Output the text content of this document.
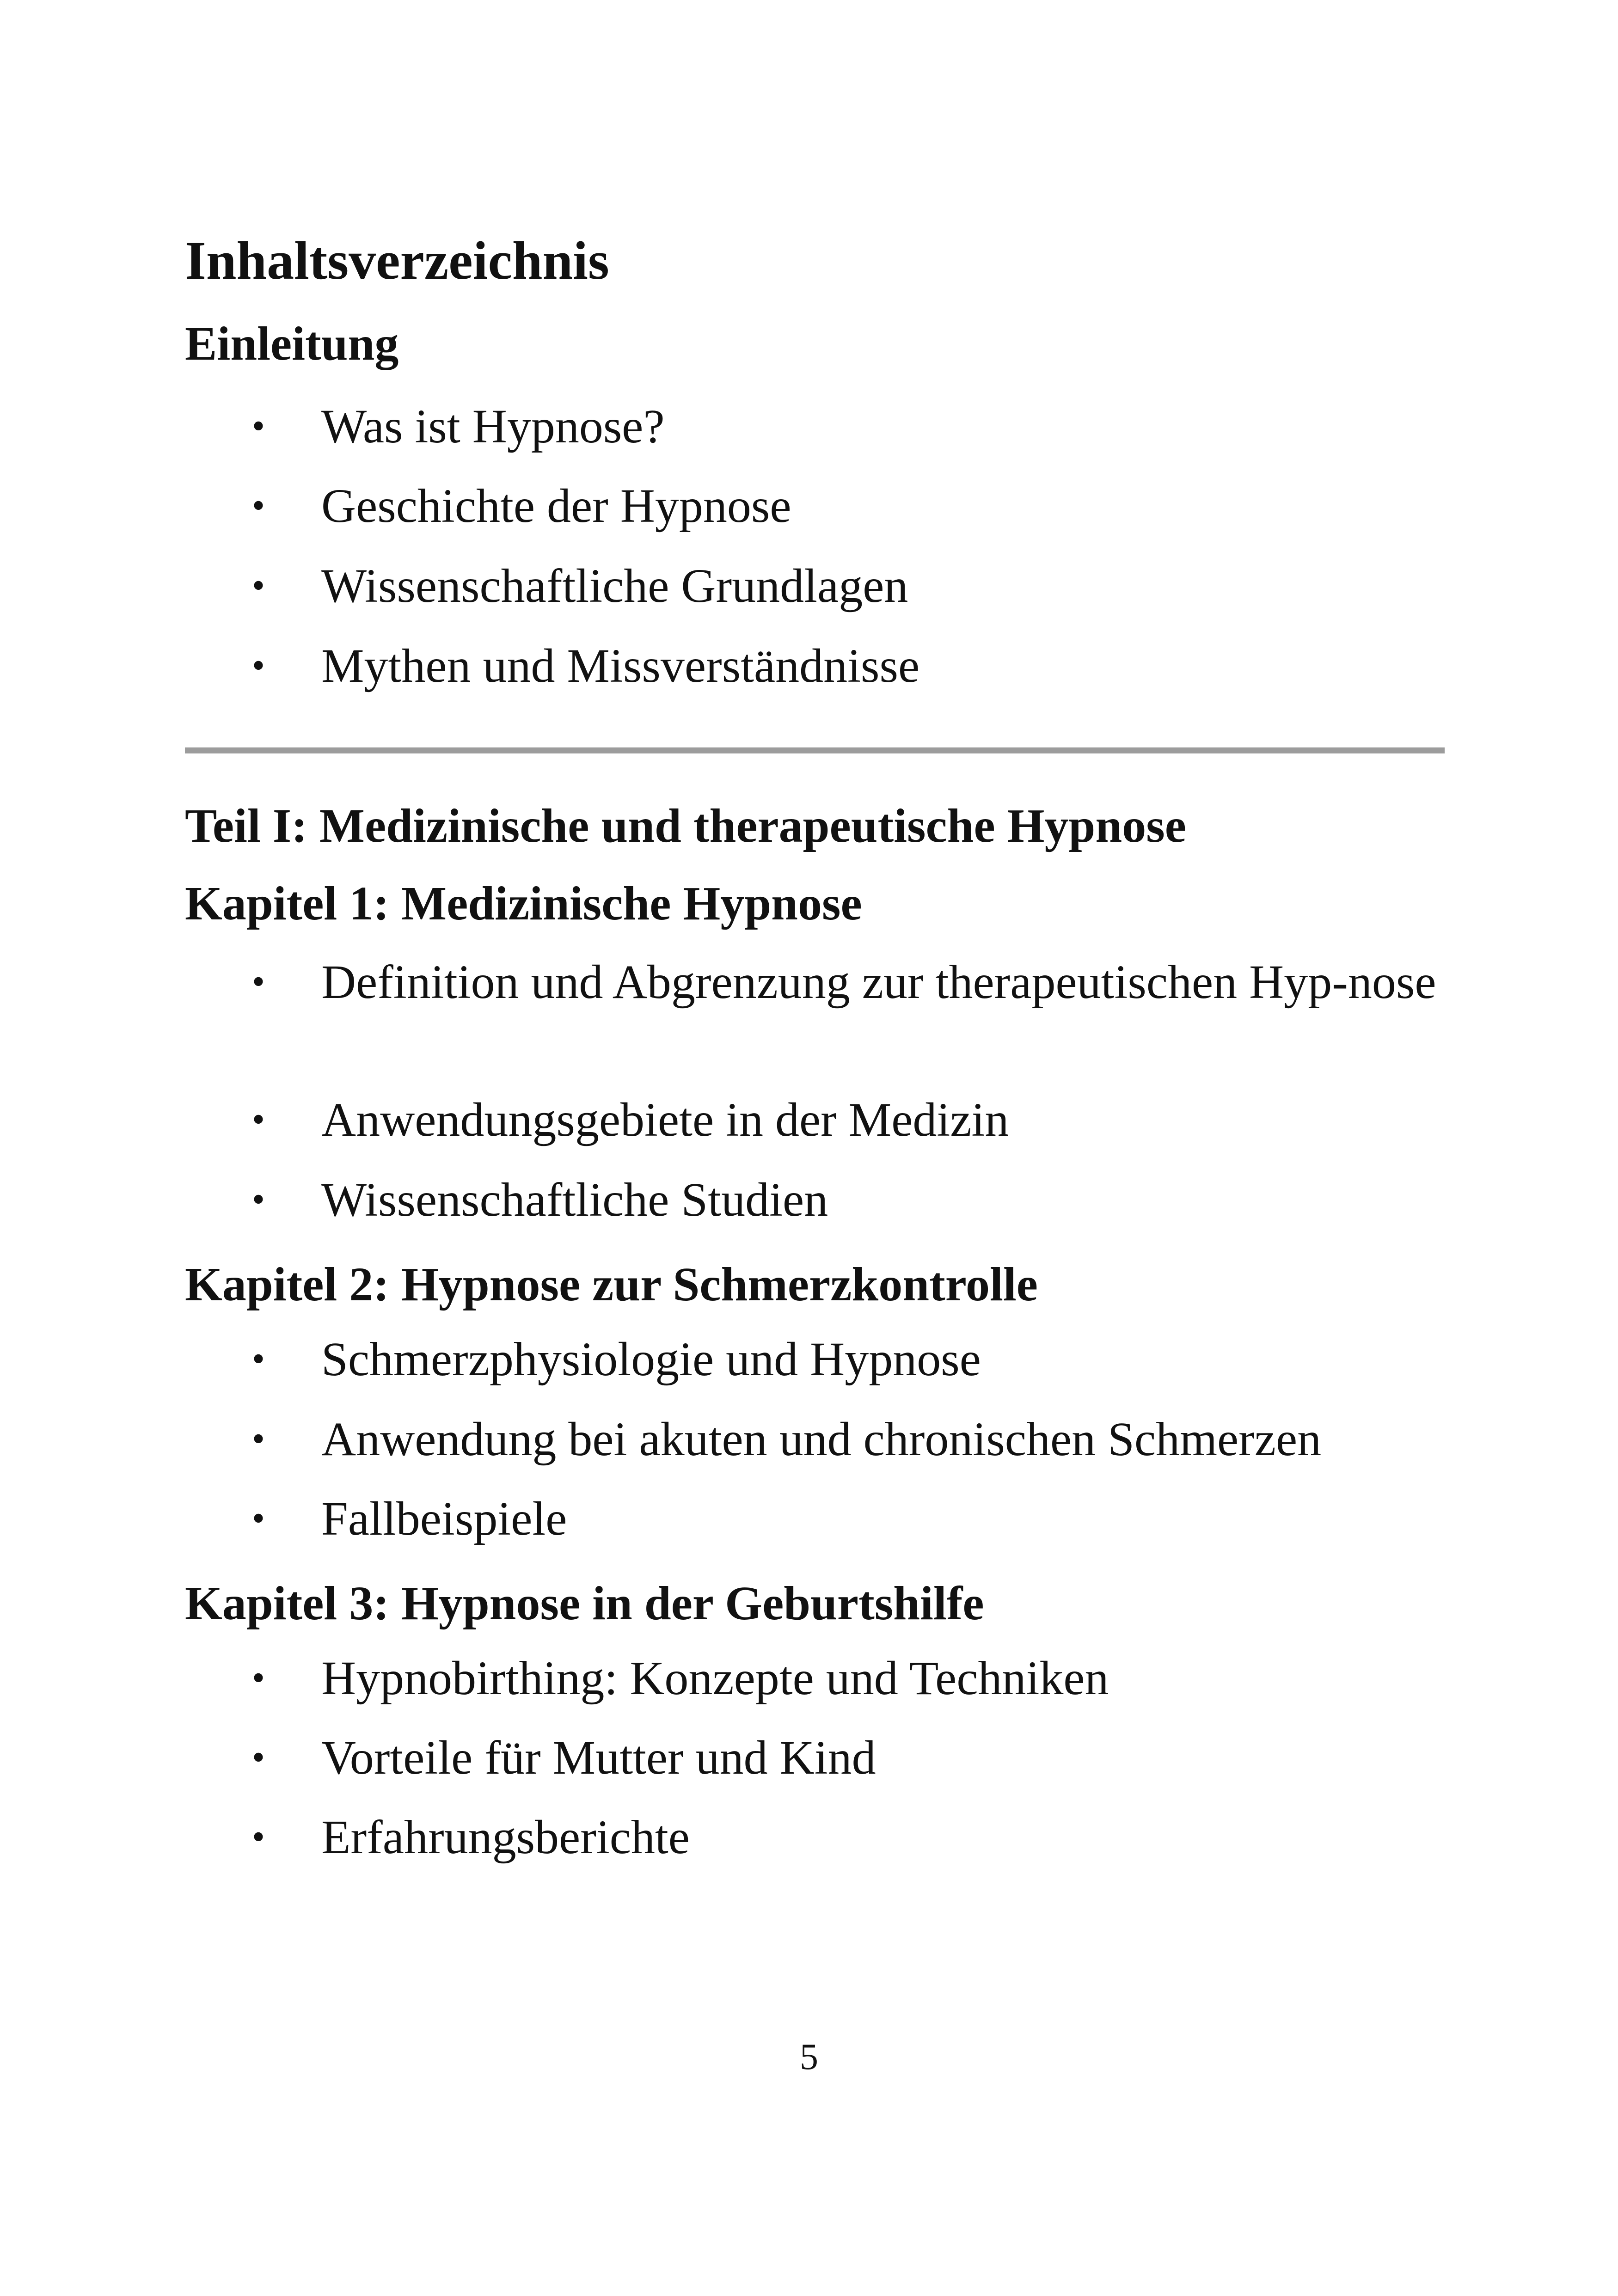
Inhaltsverzeichnis
Einleitung
• Was ist Hypnose?
• Geschichte der Hypnose
• Wissenschaftliche Grundlagen
• Mythen und Missverständnisse
Teil I: Medizinische und therapeutische Hypnose
Kapitel 1: Medizinische Hypnose
• Definition und Abgrenzung zur therapeutischen Hyp-nose
• Anwendungsgebiete in der Medizin
• Wissenschaftliche Studien
Kapitel 2: Hypnose zur Schmerzkontrolle
• Schmerzphysiologie und Hypnose
• Anwendung bei akuten und chronischen Schmerzen
• Fallbeispiele
Kapitel 3: Hypnose in der Geburtshilfe
• Hypnobirthing: Konzepte und Techniken
• Vorteile für Mutter und Kind
• Erfahrungsberichte
5
